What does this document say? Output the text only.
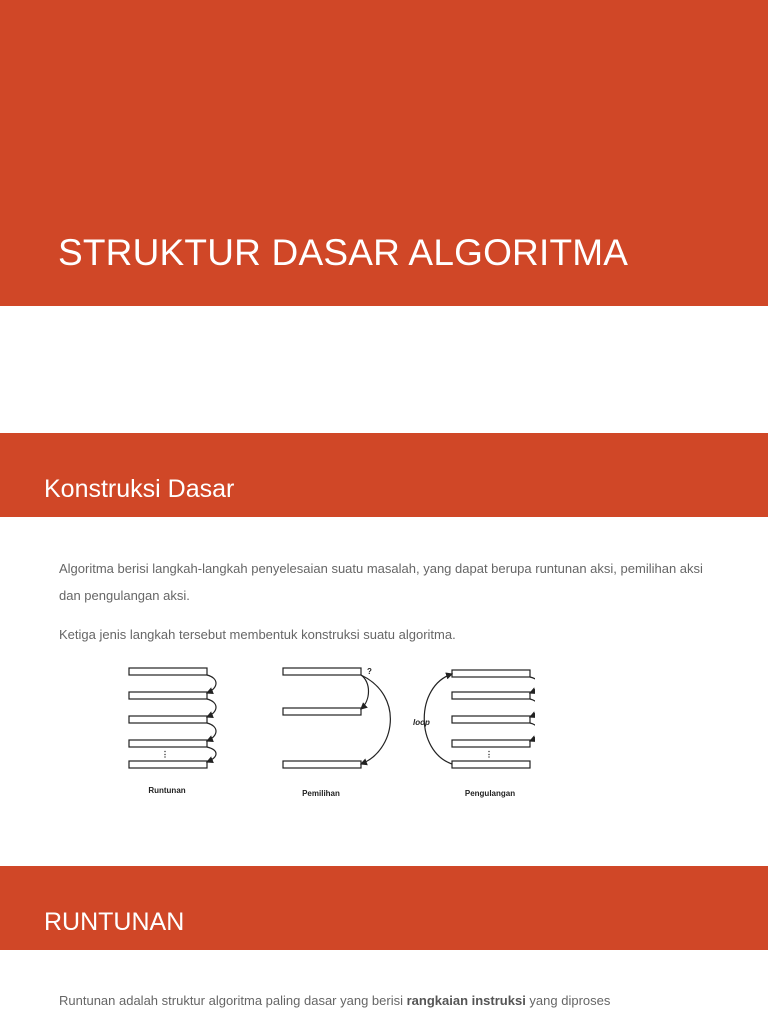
STRUKTUR DASAR ALGORITMA
Konstruksi Dasar

Algoritma berisi langkah-langkah penyelesaian suatu masalah, yang dapat berupa runtunan aksi, pemilihan aksi dan pengulangan aksi.

Ketiga jenis langkah tersebut membentuk konstruksi suatu algoritma.

⋮
Runtunan
?
Pemilihan
loop
⋮
Pengulangan
RUNTUNAN

Runtunan adalah struktur algoritma paling dasar yang berisi rangkaian instruksi yang diproses
